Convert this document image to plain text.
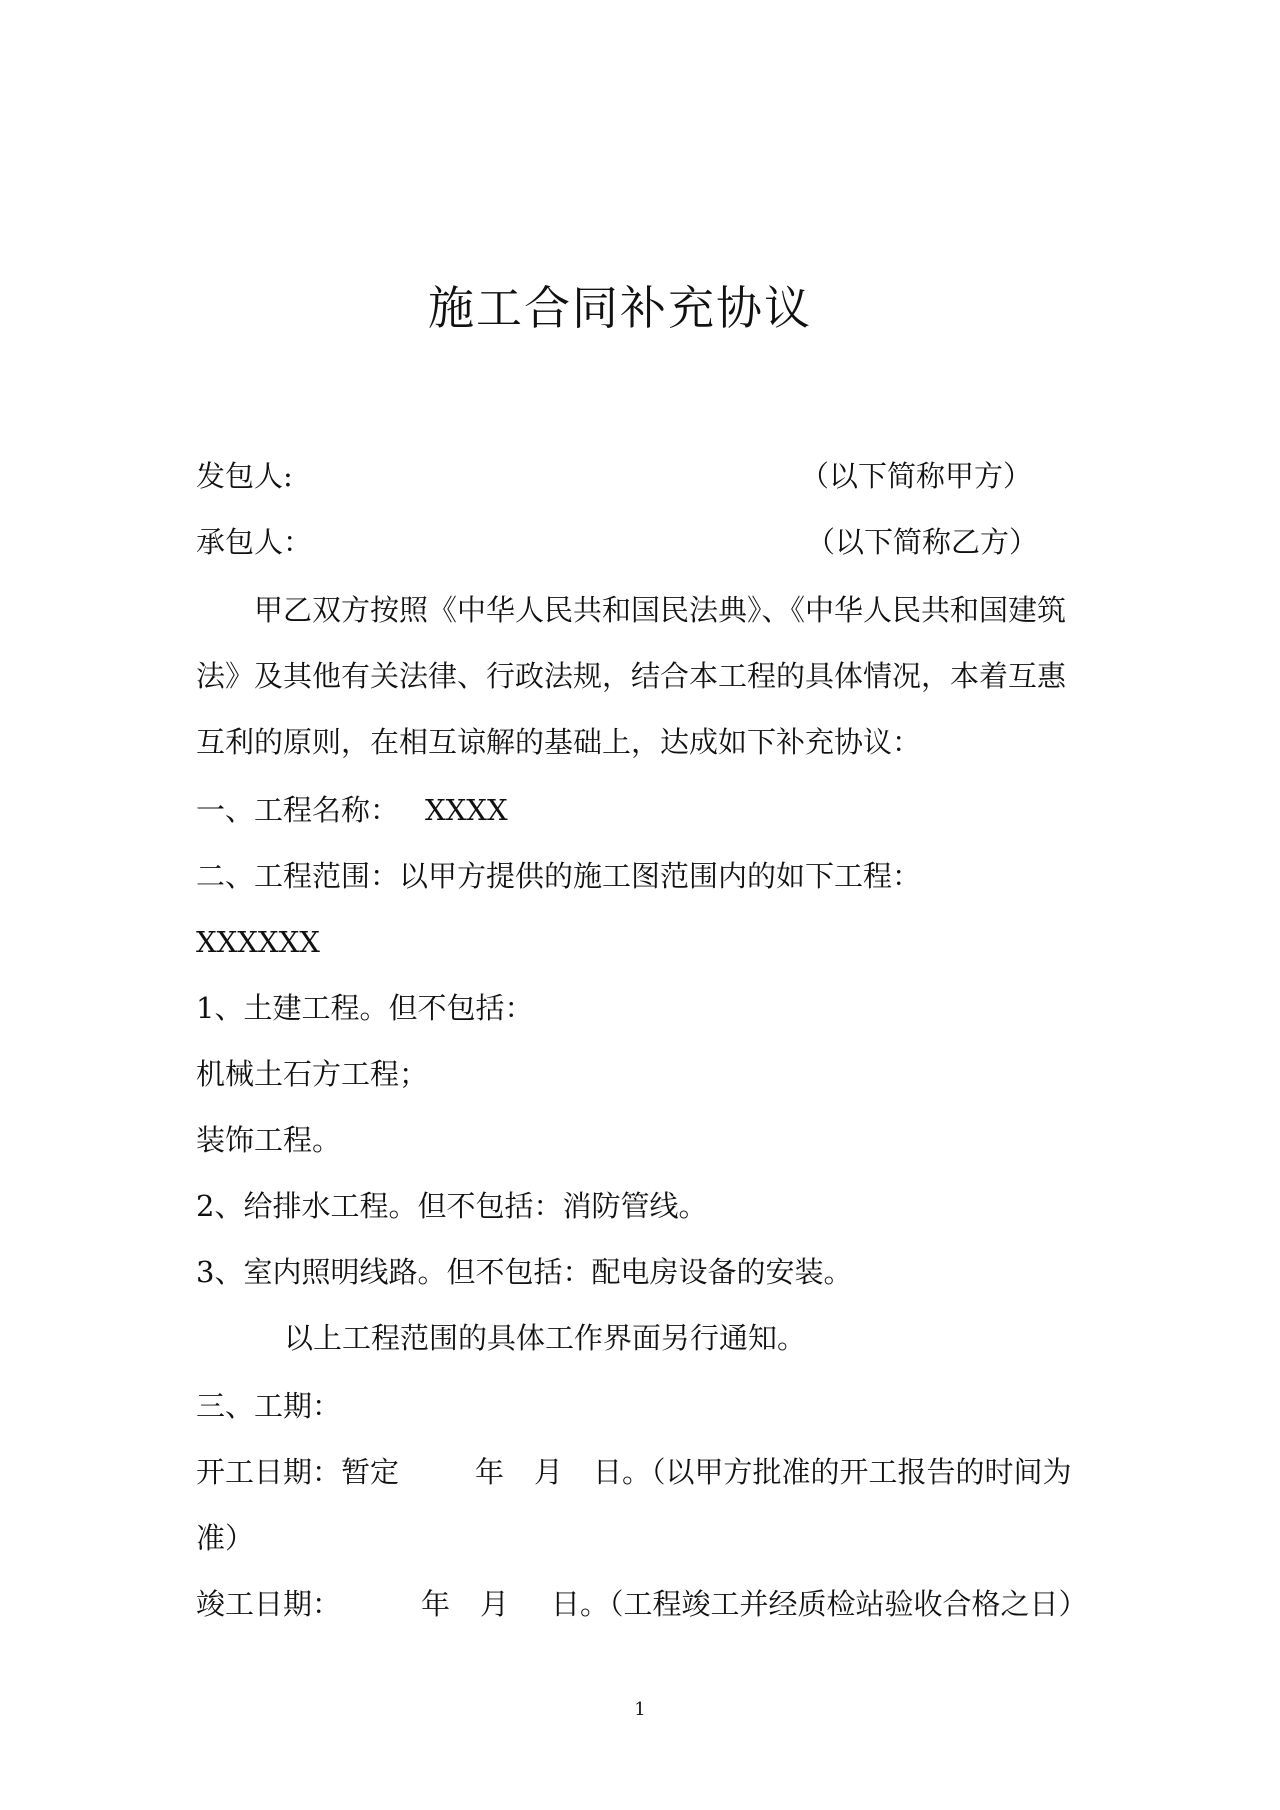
施工合同补充协议
发包人:	（以下简称甲方）
承包人：	（以下简称乙方）
甲乙双方按照《中华人民共和国民法典》、《中华人民共和国建筑
法》及其他有关法律、行政法规，结合本工程的具体情况，本着互惠
互利的原则，在相互谅解的基础上，达成如下补充协议：
一、工程名称： XXXX
二、工程范围：以甲方提供的施工图范围内的如下工程：
XXXXXX
1、土建工程。但不包括：
机械土石方工程；
装饰工程。
2、给排水工程。但不包括：消防管线。
3、室内照明线路。但不包括：配电房设备的安装。
以上工程范围的具体工作界面另行通知。
三、工期：
开工日期：暂定	年 月 日。（以甲方批准的开工报告的时间为
准）
竣工日期：	年 月 日。（工程竣工并经质检站验收合格之日）
1
